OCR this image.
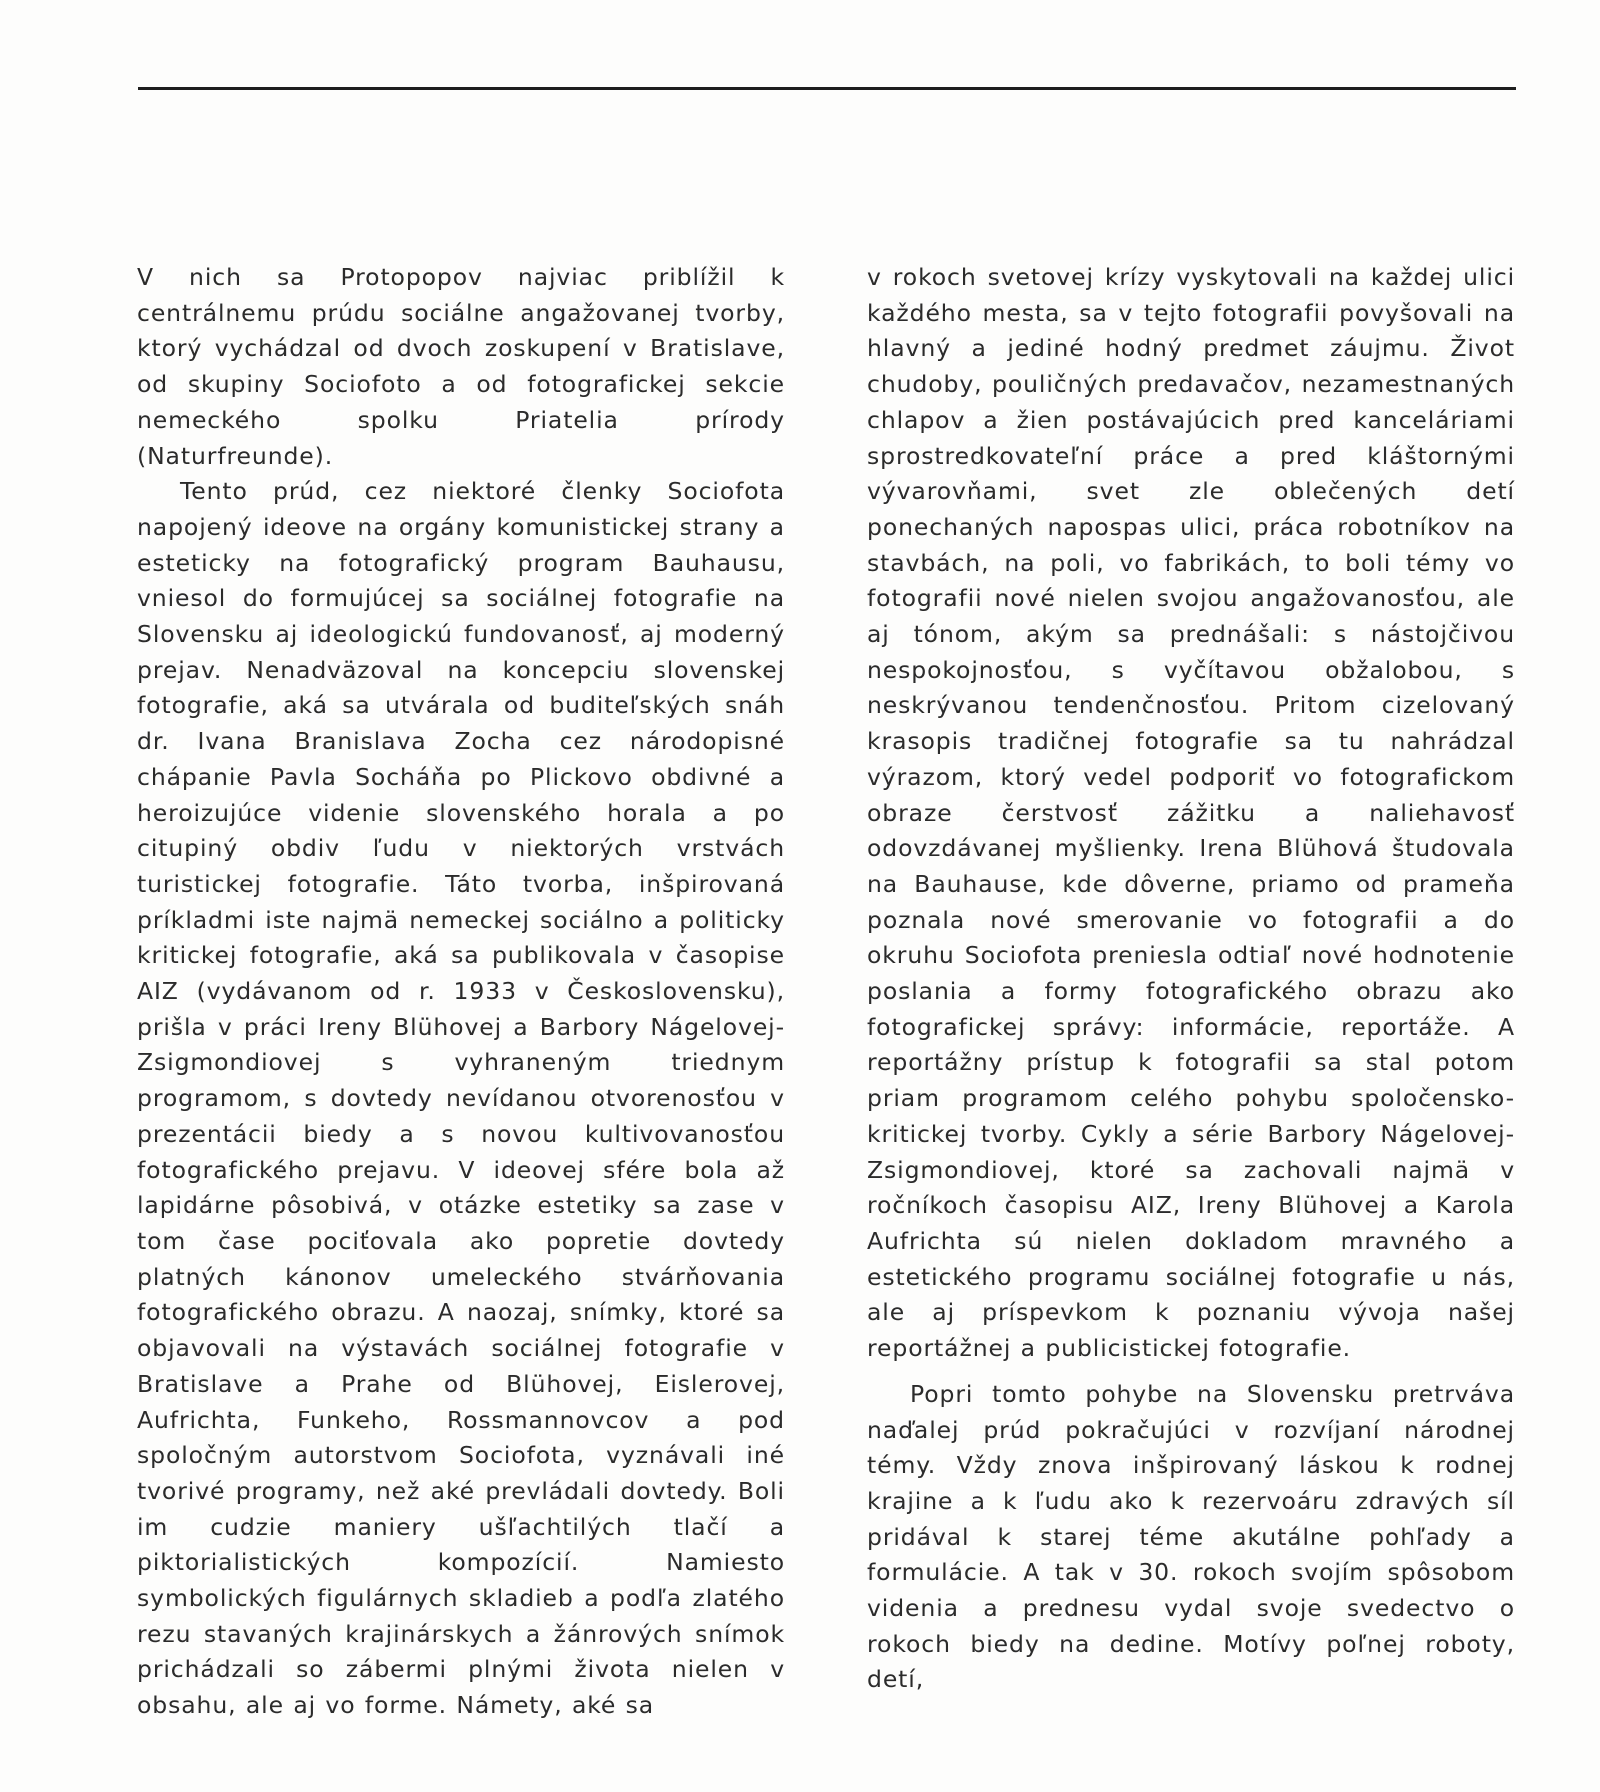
V nich sa Protopopov najviac priblížil k centrálnemu prúdu sociálne angažovanej tvorby, ktorý vychádzal od dvoch zoskupení v Bratislave, od skupiny Sociofoto a od fotografickej sekcie nemeckého spolku Priatelia prírody (Naturfreunde).

Tento prúd, cez niektoré členky Sociofota napojený ideove na orgány komunistickej strany a esteticky na fotografický program Bauhausu, vniesol do formujúcej sa sociálnej fotografie na Slovensku aj ideologickú fundovanosť, aj moderný prejav. Nenadväzoval na koncepciu slovenskej fotografie, aká sa utvárala od buditeľských snáh dr. Ivana Branislava Zocha cez národopisné chápanie Pavla Socháňa po Plickovo obdivné a heroizujúce videnie slovenského horala a po citupiný obdiv ľudu v niektorých vrstvách turistickej fotografie. Táto tvorba, inšpirovaná príkladmi iste najmä nemeckej sociálno a politicky kritickej fotografie, aká sa publikovala v časopise AIZ (vydávanom od r. 1933 v Československu), prišla v práci Ireny Blühovej a Barbory Nágelovej-Zsigmondiovej s vyhraneným triednym programom, s dovtedy nevídanou otvorenosťou v prezentácii biedy a s novou kultivovanosťou fotografického prejavu. V ideovej sfére bola až lapidárne pôsobivá, v otázke estetiky sa zase v tom čase pociťovala ako popretie dovtedy platných kánonov umeleckého stvárňovania fotografického obrazu. A naozaj, snímky, ktoré sa objavovali na výstavách sociálnej fotografie v Bratislave a Prahe od Blühovej, Eislerovej, Aufrichta, Funkeho, Rossmannovcov a pod spoločným autorstvom Sociofota, vyznávali iné tvorivé programy, než aké prevládali dovtedy. Boli im cudzie maniery ušľachtilých tlačí a piktorialistických kompozícií. Namiesto symbolických figulárnych skladieb a podľa zlatého rezu stavaných krajinárskych a žánrových snímok prichádzali so zábermi plnými života nielen v obsahu, ale aj vo forme. Námety, aké sa

v rokoch svetovej krízy vyskytovali na každej ulici každého mesta, sa v tejto fotografii povyšovali na hlavný a jediné hodný predmet záujmu. Život chudoby, pouličných predavačov, nezamestnaných chlapov a žien postávajúcich pred kanceláriami sprostredkovateľní práce a pred kláštornými vývarovňami, svet zle oblečených detí ponechaných napospas ulici, práca robotníkov na stavbách, na poli, vo fabrikách, to boli témy vo fotografii nové nielen svojou angažovanosťou, ale aj tónom, akým sa prednášali: s nástojčivou nespokojnosťou, s vyčítavou obžalobou, s neskrývanou tendenčnosťou. Pritom cizelovaný krasopis tradičnej fotografie sa tu nahrádzal výrazom, ktorý vedel podporiť vo fotografickom obraze čerstvosť zážitku a naliehavosť odovzdávanej myšlienky. Irena Blühová študovala na Bauhause, kde dôverne, priamo od prameňa poznala nové smerovanie vo fotografii a do okruhu Sociofota preniesla odtiaľ nové hodnotenie poslania a formy fotografického obrazu ako fotografickej správy: informácie, reportáže. A reportážny prístup k fotografii sa stal potom priam programom celého pohybu spoločensko-kritickej tvorby. Cykly a série Barbory Nágelovej-Zsigmondiovej, ktoré sa zachovali najmä v ročníkoch časopisu AIZ, Ireny Blühovej a Karola Aufrichta sú nielen dokladom mravného a estetického programu sociálnej fotografie u nás, ale aj príspevkom k poznaniu vývoja našej reportážnej a publicistickej fotografie.

Popri tomto pohybe na Slovensku pretrváva naďalej prúd pokračujúci v rozvíjaní národnej témy. Vždy znova inšpirovaný láskou k rodnej krajine a k ľudu ako k rezervoáru zdravých síl pridával k starej téme akutálne pohľady a formulácie. A tak v 30. rokoch svojím spôsobom videnia a prednesu vydal svoje svedectvo o rokoch biedy na dedine. Motívy poľnej roboty, detí,
